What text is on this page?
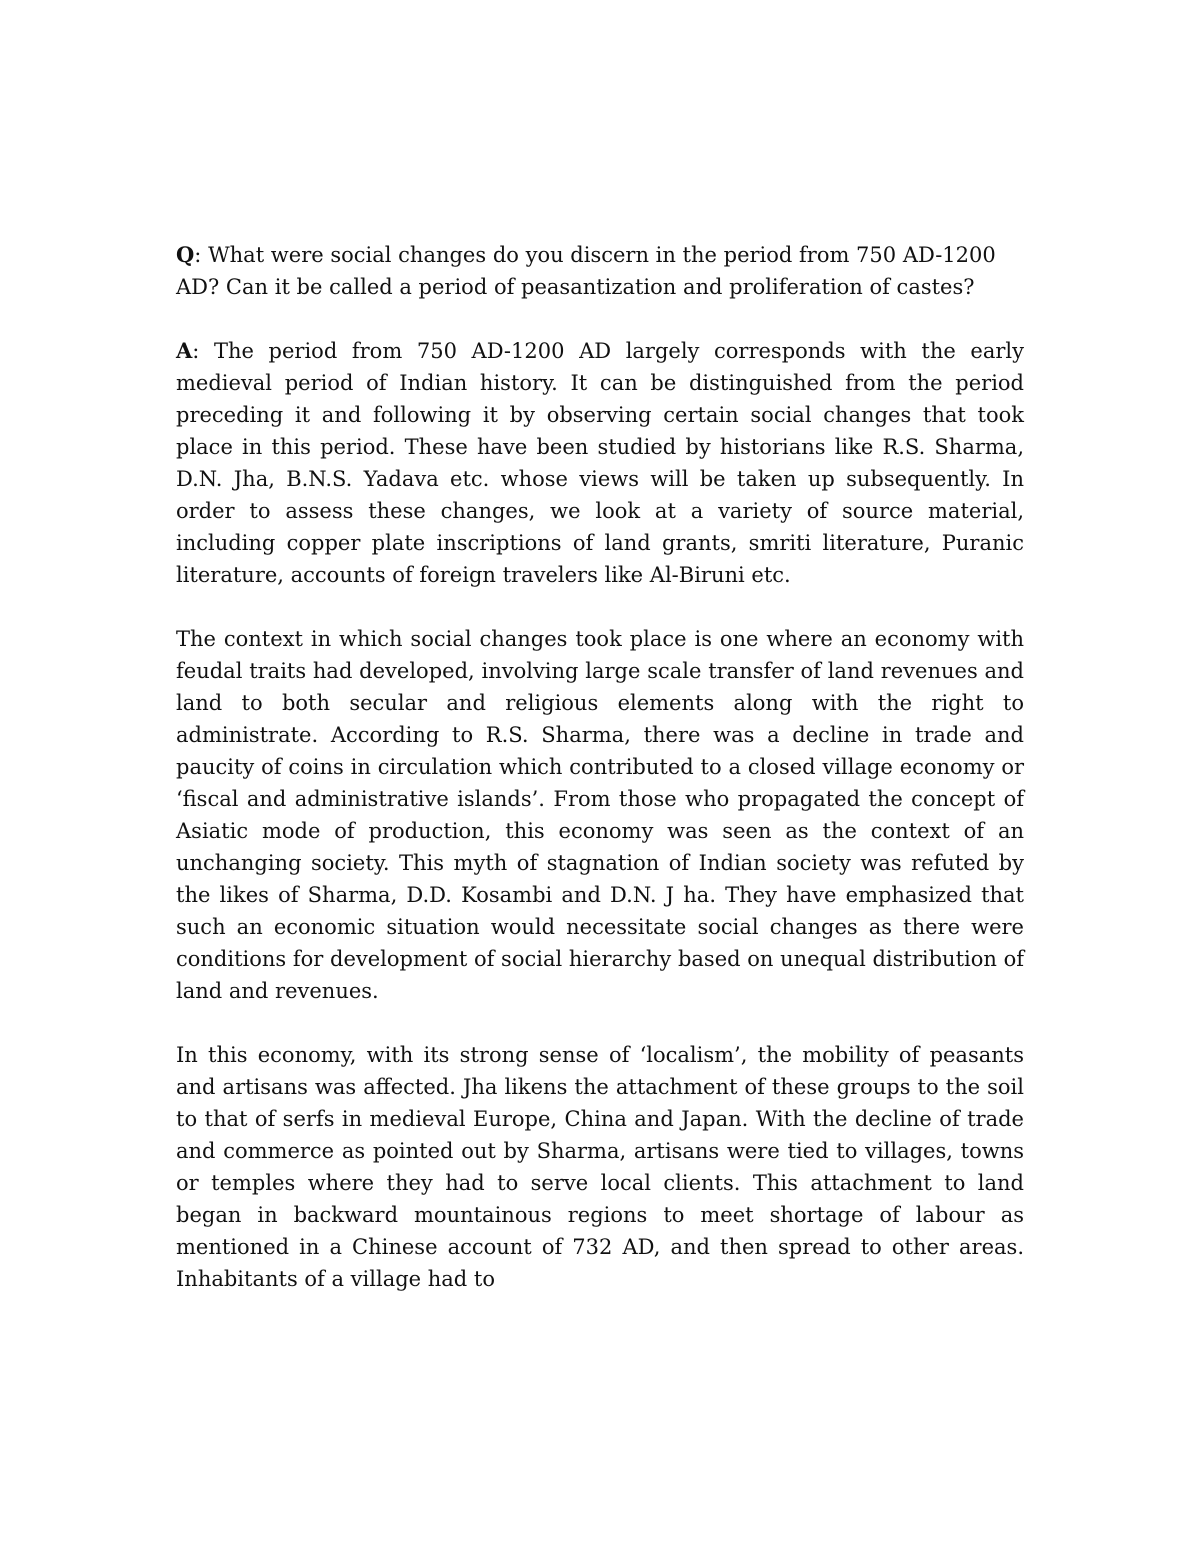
Q: What were social changes do you discern in the period from 750 AD-1200 AD? Can it be called a period of peasantization and proliferation of castes?

A: The period from 750 AD-1200 AD largely corresponds with the early medieval period of Indian history. It can be distinguished from the period preceding it and following it by observing certain social changes that took place in this period. These have been studied by historians like R.S. Sharma, D.N. Jha, B.N.S. Yadava etc. whose views will be taken up subsequently. In order to assess these changes, we look at a variety of source material, including copper plate inscriptions of land grants, smriti literature, Puranic literature, accounts of foreign travelers like Al-Biruni etc.

The context in which social changes took place is one where an economy with feudal traits had developed, involving large scale transfer of land revenues and land to both secular and religious elements along with the right to administrate. According to R.S. Sharma, there was a decline in trade and paucity of coins in circulation which contributed to a closed village economy or ‘fiscal and administrative islands’. From those who propagated the concept of Asiatic mode of production, this economy was seen as the context of an unchanging society. This myth of stagnation of Indian society was refuted by the likes of Sharma, D.D. Kosambi and D.N. J ha. They have emphasized that such an economic situation would necessitate social changes as there were conditions for development of social hierarchy based on unequal distribution of land and revenues.

In this economy, with its strong sense of ‘localism’, the mobility of peasants and artisans was affected. Jha likens the attachment of these groups to the soil to that of serfs in medieval Europe, China and Japan. With the decline of trade and commerce as pointed out by Sharma, artisans were tied to villages, towns or temples where they had to serve local clients. This attachment to land began in backward mountainous regions to meet shortage of labour as mentioned in a Chinese account of 732 AD, and then spread to other areas. Inhabitants of a village had to
